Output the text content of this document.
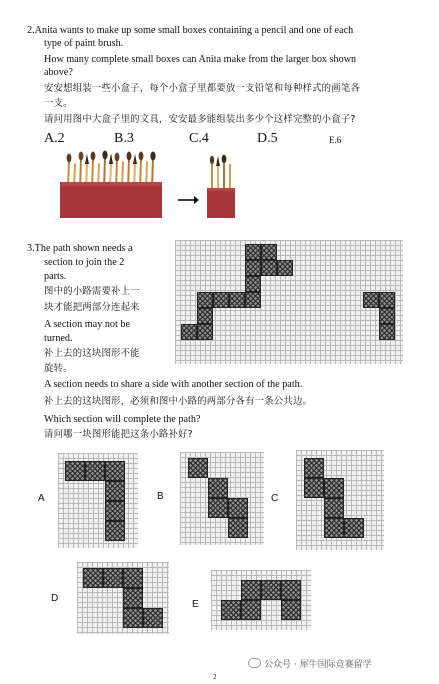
2.Anita wants to make up some small boxes containing a pencil and one of each
type of paint brush.
How many complete small boxes can Anita make from the larger box shown
above?
安安想组装一些小盒子，每个小盒子里都要放一支铅笔和每种样式的画笔各
一支。
请问用图中大盒子里的文具，安安最多能组装出多少个这样完整的小盒子?
A.2	B.3	C.4	D.5	E.6
3.The path shown needs a
section to join the 2
parts.
图中的小路需要补上一
块才能把两部分连起来
A section may not be
turned.
补上去的这块图形不能
旋转。
A section needs to share a side with another section of the path.
补上去的这块图形，必须和图中小路的两部分各有一条公共边。
Which section will complete the path?
请问哪一块图形能把这条小路补好?
A	B	C
D
E
公众号 · 犀牛国际竞赛留学
2
